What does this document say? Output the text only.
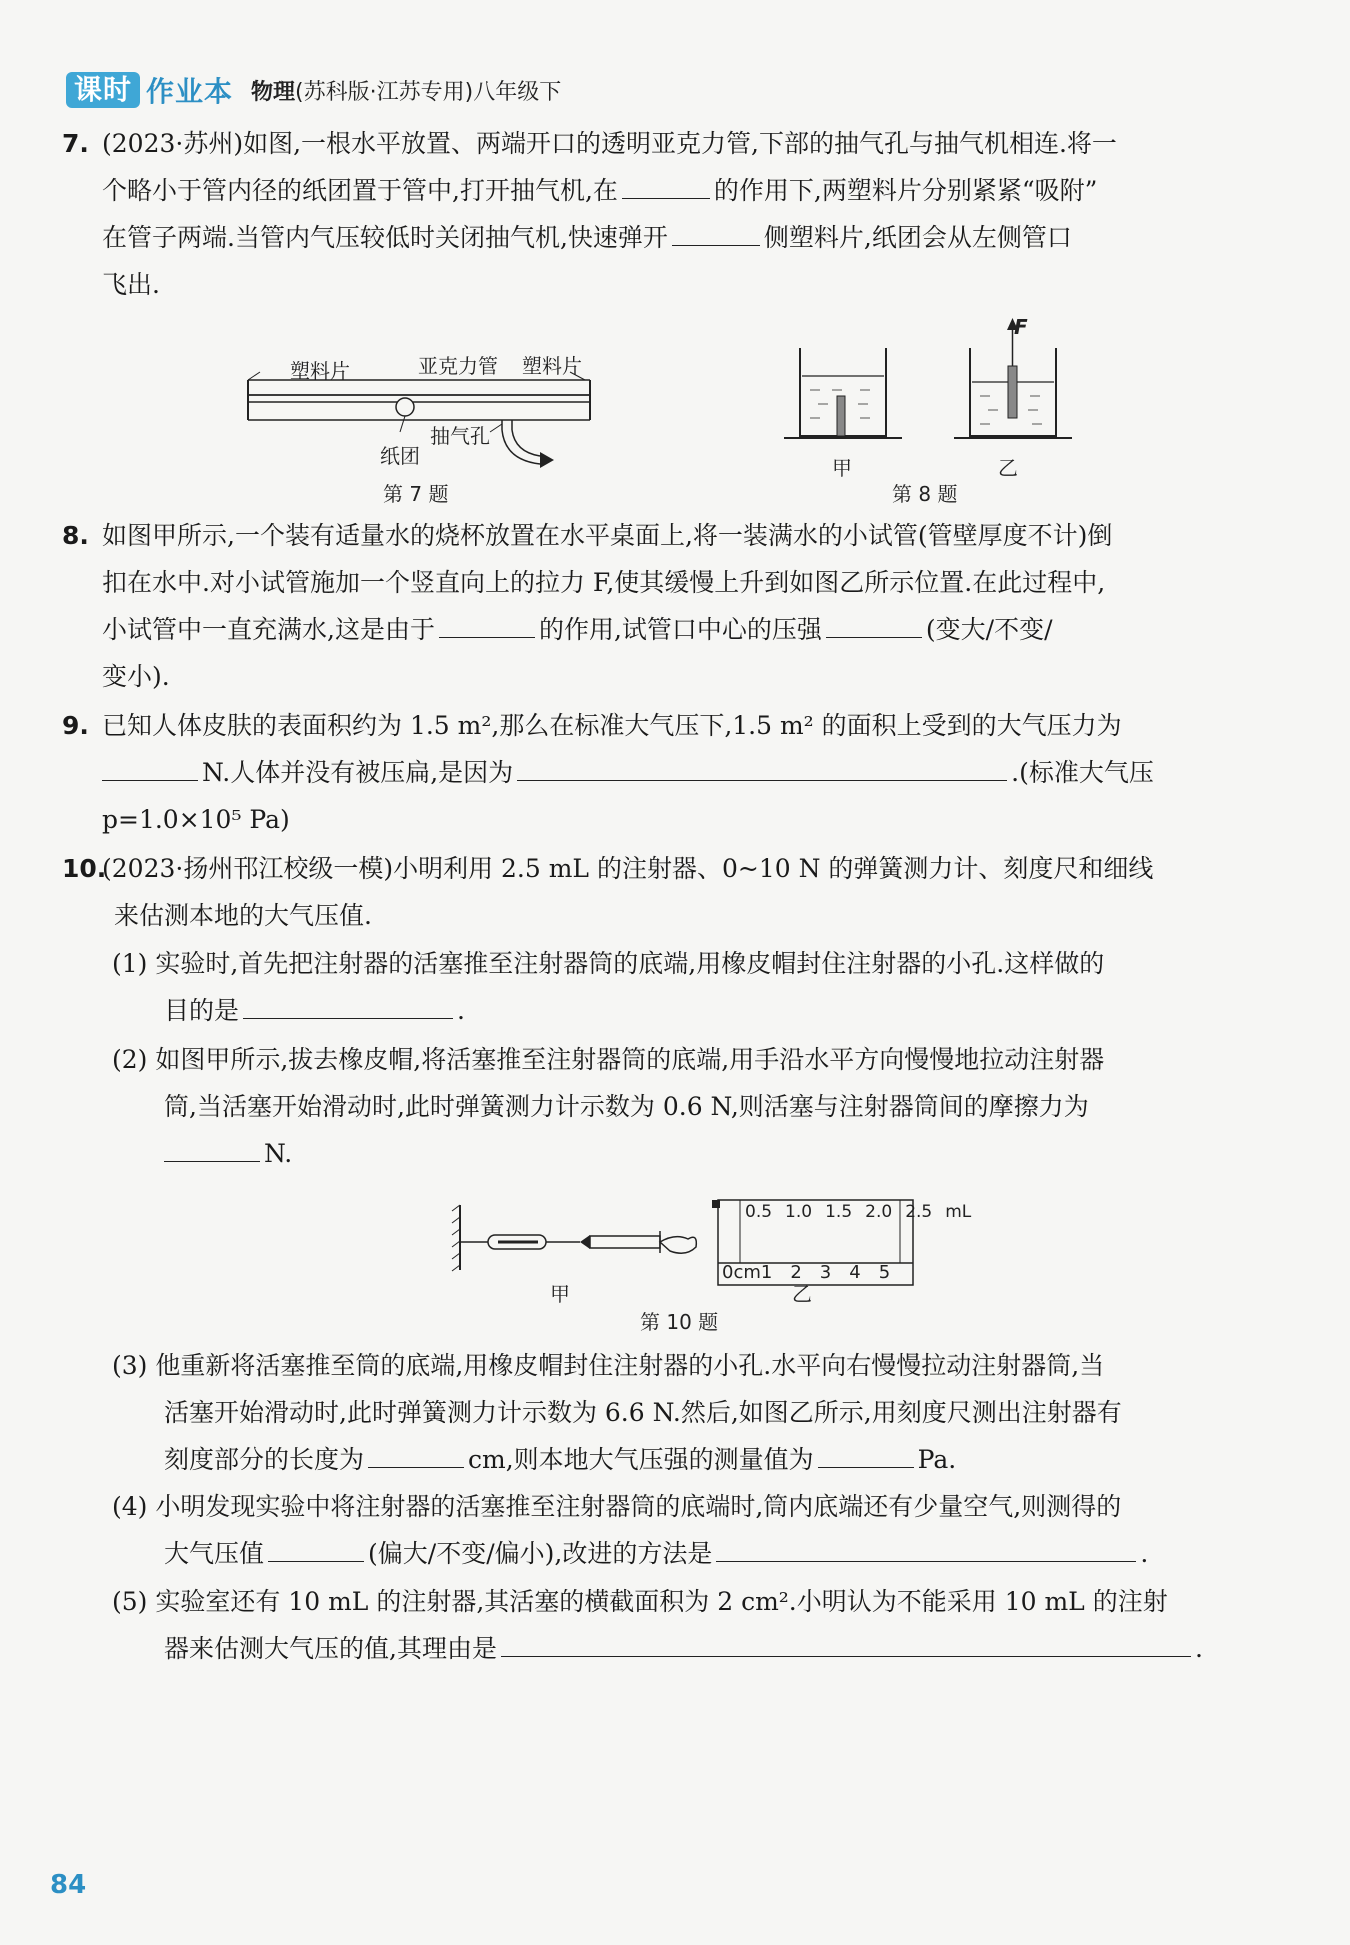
课时 作业本 物理(苏科版·江苏专用)八年级下
7. (2023·苏州)如图,一根水平放置、两端开口的透明亚克力管,下部的抽气孔与抽气机相连.将一
个略小于管内径的纸团置于管中,打开抽气机,在	的作用下,两塑料片分别紧紧“吸附”
在管子两端.当管内气压较低时关闭抽气机,快速弹开	侧塑料片,纸团会从左侧管口
飞出.
塑料片	亚克力管 塑料片
纸团
抽气孔
第 7 题
F
甲	乙
第 8 题
8. 如图甲所示,一个装有适量水的烧杯放置在水平桌面上,将一装满水的小试管(管壁厚度不计)倒
扣在水中.对小试管施加一个竖直向上的拉力 F,使其缓慢上升到如图乙所示位置.在此过程中,
小试管中一直充满水,这是由于	的作用,试管口中心的压强	(变大/不变/
变小).
9. 已知人体皮肤的表面积约为 1.5 m²,那么在标准大气压下,1.5 m² 的面积上受到的大气压力为
N.人体并没有被压扁,是因为	.(标准大气压
p=1.0×10⁵ Pa)
10.(2023·扬州邗江校级一模)小明利用 2.5 mL 的注射器、0~10 N 的弹簧测力计、刻度尺和细线
来估测本地的大气压值.
(1) 实验时,首先把注射器的活塞推至注射器筒的底端,用橡皮帽封住注射器的小孔.这样做的
目的是	.
(2) 如图甲所示,拔去橡皮帽,将活塞推至注射器筒的底端,用手沿水平方向慢慢地拉动注射器
筒,当活塞开始滑动时,此时弹簧测力计示数为 0.6 N,则活塞与注射器筒间的摩擦力为
N.
0.5 1.0 1.5 2.0 2.5 mL
0cm1 2 3 4 5
甲	乙
第 10 题
(3) 他重新将活塞推至筒的底端,用橡皮帽封住注射器的小孔.水平向右慢慢拉动注射器筒,当
活塞开始滑动时,此时弹簧测力计示数为 6.6 N.然后,如图乙所示,用刻度尺测出注射器有
刻度部分的长度为	cm,则本地大气压强的测量值为	Pa.
(4) 小明发现实验中将注射器的活塞推至注射器筒的底端时,筒内底端还有少量空气,则测得的
大气压值	(偏大/不变/偏小),改进的方法是	.
(5) 实验室还有 10 mL 的注射器,其活塞的横截面积为 2 cm².小明认为不能采用 10 mL 的注射
器来估测大气压的值,其理由是	.
84
